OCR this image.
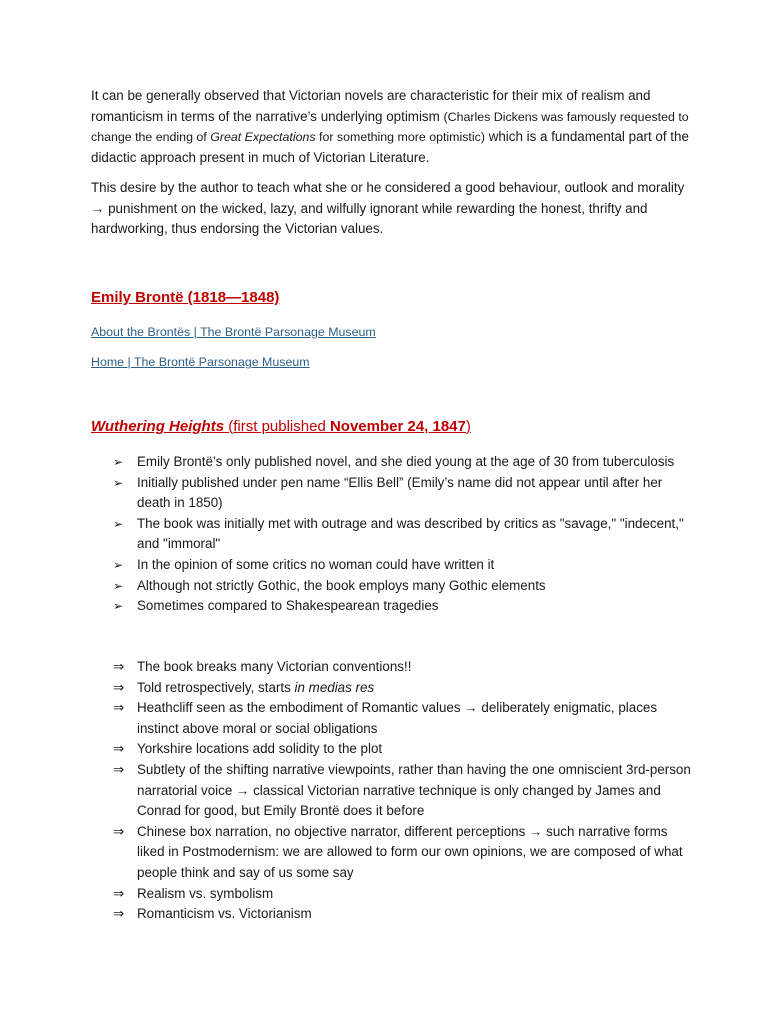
It can be generally observed that Victorian novels are characteristic for their mix of realism and romanticism in terms of the narrative’s underlying optimism (Charles Dickens was famously requested to change the ending of Great Expectations for something more optimistic) which is a fundamental part of the didactic approach present in much of Victorian Literature.

This desire by the author to teach what she or he considered a good behaviour, outlook and morality → punishment on the wicked, lazy, and wilfully ignorant while rewarding the honest, thrifty and hardworking, thus endorsing the Victorian values.

Emily Brontë (1818—1848)
About the Brontës | The Brontë Parsonage Museum
Home | The Brontë Parsonage Museum
Wuthering Heights (first published November 24, 1847)
➢	Emily Brontë’s only published novel, and she died young at the age of 30 from tuberculosis
➢	Initially published under pen name “Ellis Bell” (Emily’s name did not appear until after her death in 1850)
➢	The book was initially met with outrage and was described by critics as "savage," "indecent," and "immoral"
➢	In the opinion of some critics no woman could have written it
➢	Although not strictly Gothic, the book employs many Gothic elements
➢	Sometimes compared to Shakespearean tragedies
⇒ The book breaks many Victorian conventions!!
⇒ Told retrospectively, starts in medias res
⇒ Heathcliff seen as the embodiment of Romantic values → deliberately enigmatic, places instinct above moral or social obligations
⇒ Yorkshire locations add solidity to the plot
⇒ Subtlety of the shifting narrative viewpoints, rather than having the one omniscient 3rd-person narratorial voice → classical Victorian narrative technique is only changed by James and Conrad for good, but Emily Brontë does it before
⇒ Chinese box narration, no objective narrator, different perceptions → such narrative forms liked in Postmodernism: we are allowed to form our own opinions, we are composed of what people think and say of us some say
⇒ Realism vs. symbolism
⇒ Romanticism vs. Victorianism
